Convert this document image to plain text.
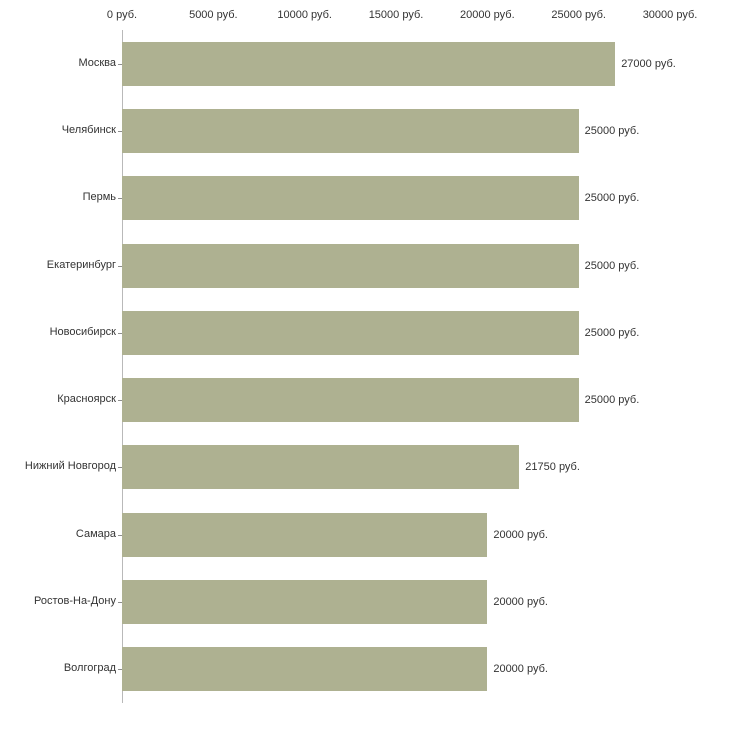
0 руб.	5000 руб.	10000 руб.	15000 руб.	20000 руб.	25000 руб.	30000 руб.
27000 руб.
25000 руб.
25000 руб.
25000 руб.
25000 руб.
25000 руб.
21750 руб.
20000 руб.
20000 руб.
20000 руб.
Москва
Челябинск
Пермь
Екатеринбург
Новосибирск
Красноярск
Нижний Новгород
Самара
Ростов-На-Дону
Волгоград
